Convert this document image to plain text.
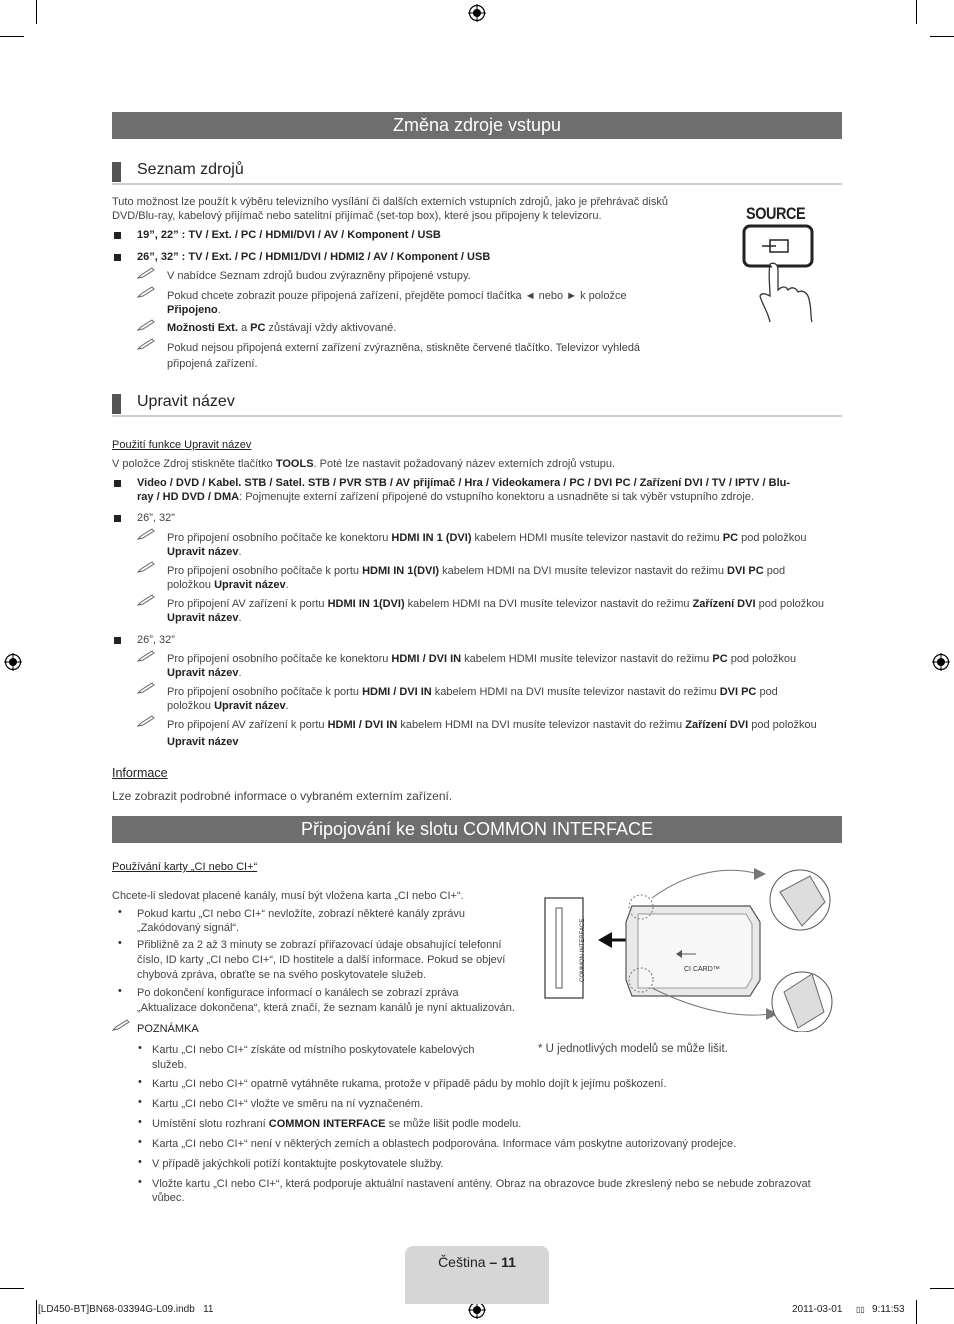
Změna zdroje vstupu
Seznam zdrojů
Tuto možnost lze použít k výběru televizního vysílání či dalších externích vstupních zdrojů, jako je přehrávač disků
DVD/Blu-ray, kabelový přijímač nebo satelitní přijímač (set-top box), které jsou připojeny k televizoru.
19”, 22” : TV / Ext. / PC / HDMI/DVI / AV / Komponent / USB
26”, 32” : TV / Ext. / PC / HDMI1/DVI / HDMI2 / AV / Komponent / USB
V nabídce Seznam zdrojů budou zvýrazněny připojené vstupy.
Pokud chcete zobrazit pouze připojená zařízení, přejděte pomocí tlačítka ◄ nebo ► k položce
Připojeno.
Možnosti Ext. a PC zůstávají vždy aktivované.
Pokud nejsou připojená externí zařízení zvýrazněna, stiskněte červené tlačítko. Televizor vyhledá
připojená zařízení.
SOURCE
Upravit název
Použití funkce Upravit název
V položce Zdroj stiskněte tlačítko TOOLS. Poté lze nastavit požadovaný název externích zdrojů vstupu.
Video / DVD / Kabel. STB / Satel. STB / PVR STB / AV přijímač / Hra / Videokamera / PC / DVI PC / Zařízení DVI / TV / IPTV / Blu-
ray / HD DVD / DMA: Pojmenujte externí zařízení připojené do vstupního konektoru a usnadněte si tak výběr vstupního zdroje.
26”, 32”
Pro připojení osobního počítače ke konektoru HDMI IN 1 (DVI) kabelem HDMI musíte televizor nastavit do režimu PC pod položkou
Upravit název.
Pro připojení osobního počítače k portu HDMI IN 1(DVI) kabelem HDMI na DVI musíte televizor nastavit do režimu DVI PC pod
položkou Upravit název.
Pro připojení AV zařízení k portu HDMI IN 1(DVI) kabelem HDMI na DVI musíte televizor nastavit do režimu Zařízení DVI pod položkou
Upravit název.
26”, 32”
Pro připojení osobního počítače ke konektoru HDMI / DVI IN kabelem HDMI musíte televizor nastavit do režimu PC pod položkou
Upravit název.
Pro připojení osobního počítače k portu HDMI / DVI IN kabelem HDMI na DVI musíte televizor nastavit do režimu DVI PC pod
položkou Upravit název.
Pro připojení AV zařízení k portu HDMI / DVI IN kabelem HDMI na DVI musíte televizor nastavit do režimu Zařízení DVI pod položkou
Upravit název
Informace
Lze zobrazit podrobné informace o vybraném externím zařízení.
Připojování ke slotu COMMON INTERFACE
Používání karty „CI nebo CI+“
Chcete-li sledovat placené kanály, musí být vložena karta „CI nebo CI+“.
• Pokud kartu „CI nebo CI+“ nevložíte, zobrazí některé kanály zprávu
„Zakódovaný signál“.
• Přibližně za 2 až 3 minuty se zobrazí přiřazovací údaje obsahující telefonní
číslo, ID karty „CI nebo CI+“, ID hostitele a další informace. Pokud se objeví
chybová zpráva, obraťte se na svého poskytovatele služeb.
• Po dokončení konfigurace informací o kanálech se zobrazí zpráva
„Aktualizace dokončena“, která značí, že seznam kanálů je nyní aktualizován.
POZNÁMKA
COMMON INTERFACE	CI CARD™
* U jednotlivých modelů se může lišit.
• Kartu „CI nebo CI+“ získáte od místního poskytovatele kabelových
služeb.
• Kartu „CI nebo CI+“ opatrně vytáhněte rukama, protože v případě pádu by mohlo dojít k jejímu poškození.
• Kartu „CI nebo CI+“ vložte ve směru na ní vyznačeném.
• Umístění slotu rozhraní COMMON INTERFACE se může lišit podle modelu.
• Karta „CI nebo CI+“ není v některých zemích a oblastech podporována. Informace vám poskytne autorizovaný prodejce.
• V případě jakýchkoli potíží kontaktujte poskytovatele služby.
• Vložte kartu „CI nebo CI+“, která podporuje aktuální nastavení antény. Obraz na obrazovce bude zkreslený nebo se nebude zobrazovat
vůbec.
Čeština – 11
[LD450-BT]BN68-03394G-L09.indb   11	2011-03-01 ▯▯ 9:11:53
